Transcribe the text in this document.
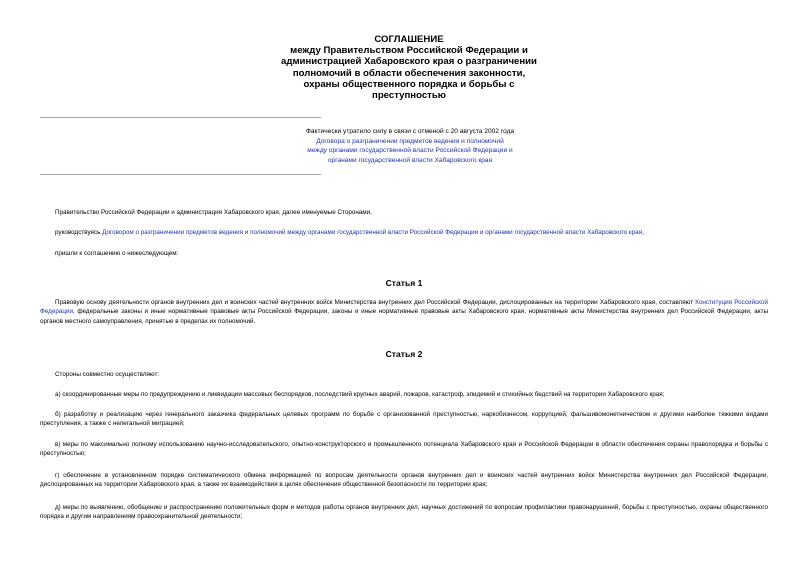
СОГЛАШЕНИЕ
между Правительством Российской Федерации и
администрацией Хабаровского края о разграничении
полномочий в области обеспечения законности,
охраны общественного порядка и борьбы с
преступностью
Фактически утратило силу в связи с отменой с 20 августа 2002 года
Договора о разграничении предметов ведения и полномочий
между органами государственной власти Российской Федерации и
органами государственной власти Хабаровского края
Правительство Российской Федерации и администрация Хабаровского края, далее именуемые Сторонами,
руководствуясь Договором о разграничении предметов ведения и полномочий между органами государственной власти Российской Федерации и органами государственной власти Хабаровского края,
пришли к соглашению о нижеследующем:
Статья 1
Правовую основу деятельности органов внутренних дел и воинских частей внутренних войск Министерства внутренних дел Российской Федерации, дислоцированных на территории Хабаровского края, составляют Конституция Российской Федерации, федеральные законы и иные нормативные правовые акты Российской Федерации, законы и иные нормативные правовые акты Хабаровского края, нормативные акты Министерства внутренних дел Российской Федерации, акты органов местного самоуправления, принятые в пределах их полномочий.
Статья 2
Стороны совместно осуществляют:
а) скоординированные меры по предупреждению и ликвидации массовых беспорядков, последствий крупных аварий, пожаров, катастроф, эпидемий и стихийных бедствий на территории Хабаровского края;
б) разработку и реализацию через генерального заказчика федеральных целевых программ по борьбе с организованной преступностью, наркобизнесом, коррупцией, фальшивомонетничеством и другими наиболее тяжкими видами преступления, а также с нелегальной миграцией;
в) меры по максимально полному использованию научно-исследовательского, опытно-конструкторского и промышленного потенциала Хабаровского края и Российской Федерации в области обеспечения охраны правопорядка и борьбы с преступностью;
г) обеспечение в установленном порядке систематического обмена информацией по вопросам деятельности органов внутренних дел и воинских частей внутренних войск Министерства внутренних дел Российской Федерации, дислоцированных на территории Хабаровского края, а также их взаимодействия в целях обеспечения общественной безопасности по территории края;
д) меры по выявлению, обобщению и распространению положительных форм и методов работы органов внутренних дел, научных достижений по вопросам профилактики правонарушений, борьбы с преступностью, охраны общественного порядка и другим направлениям правоохранительной деятельности;
